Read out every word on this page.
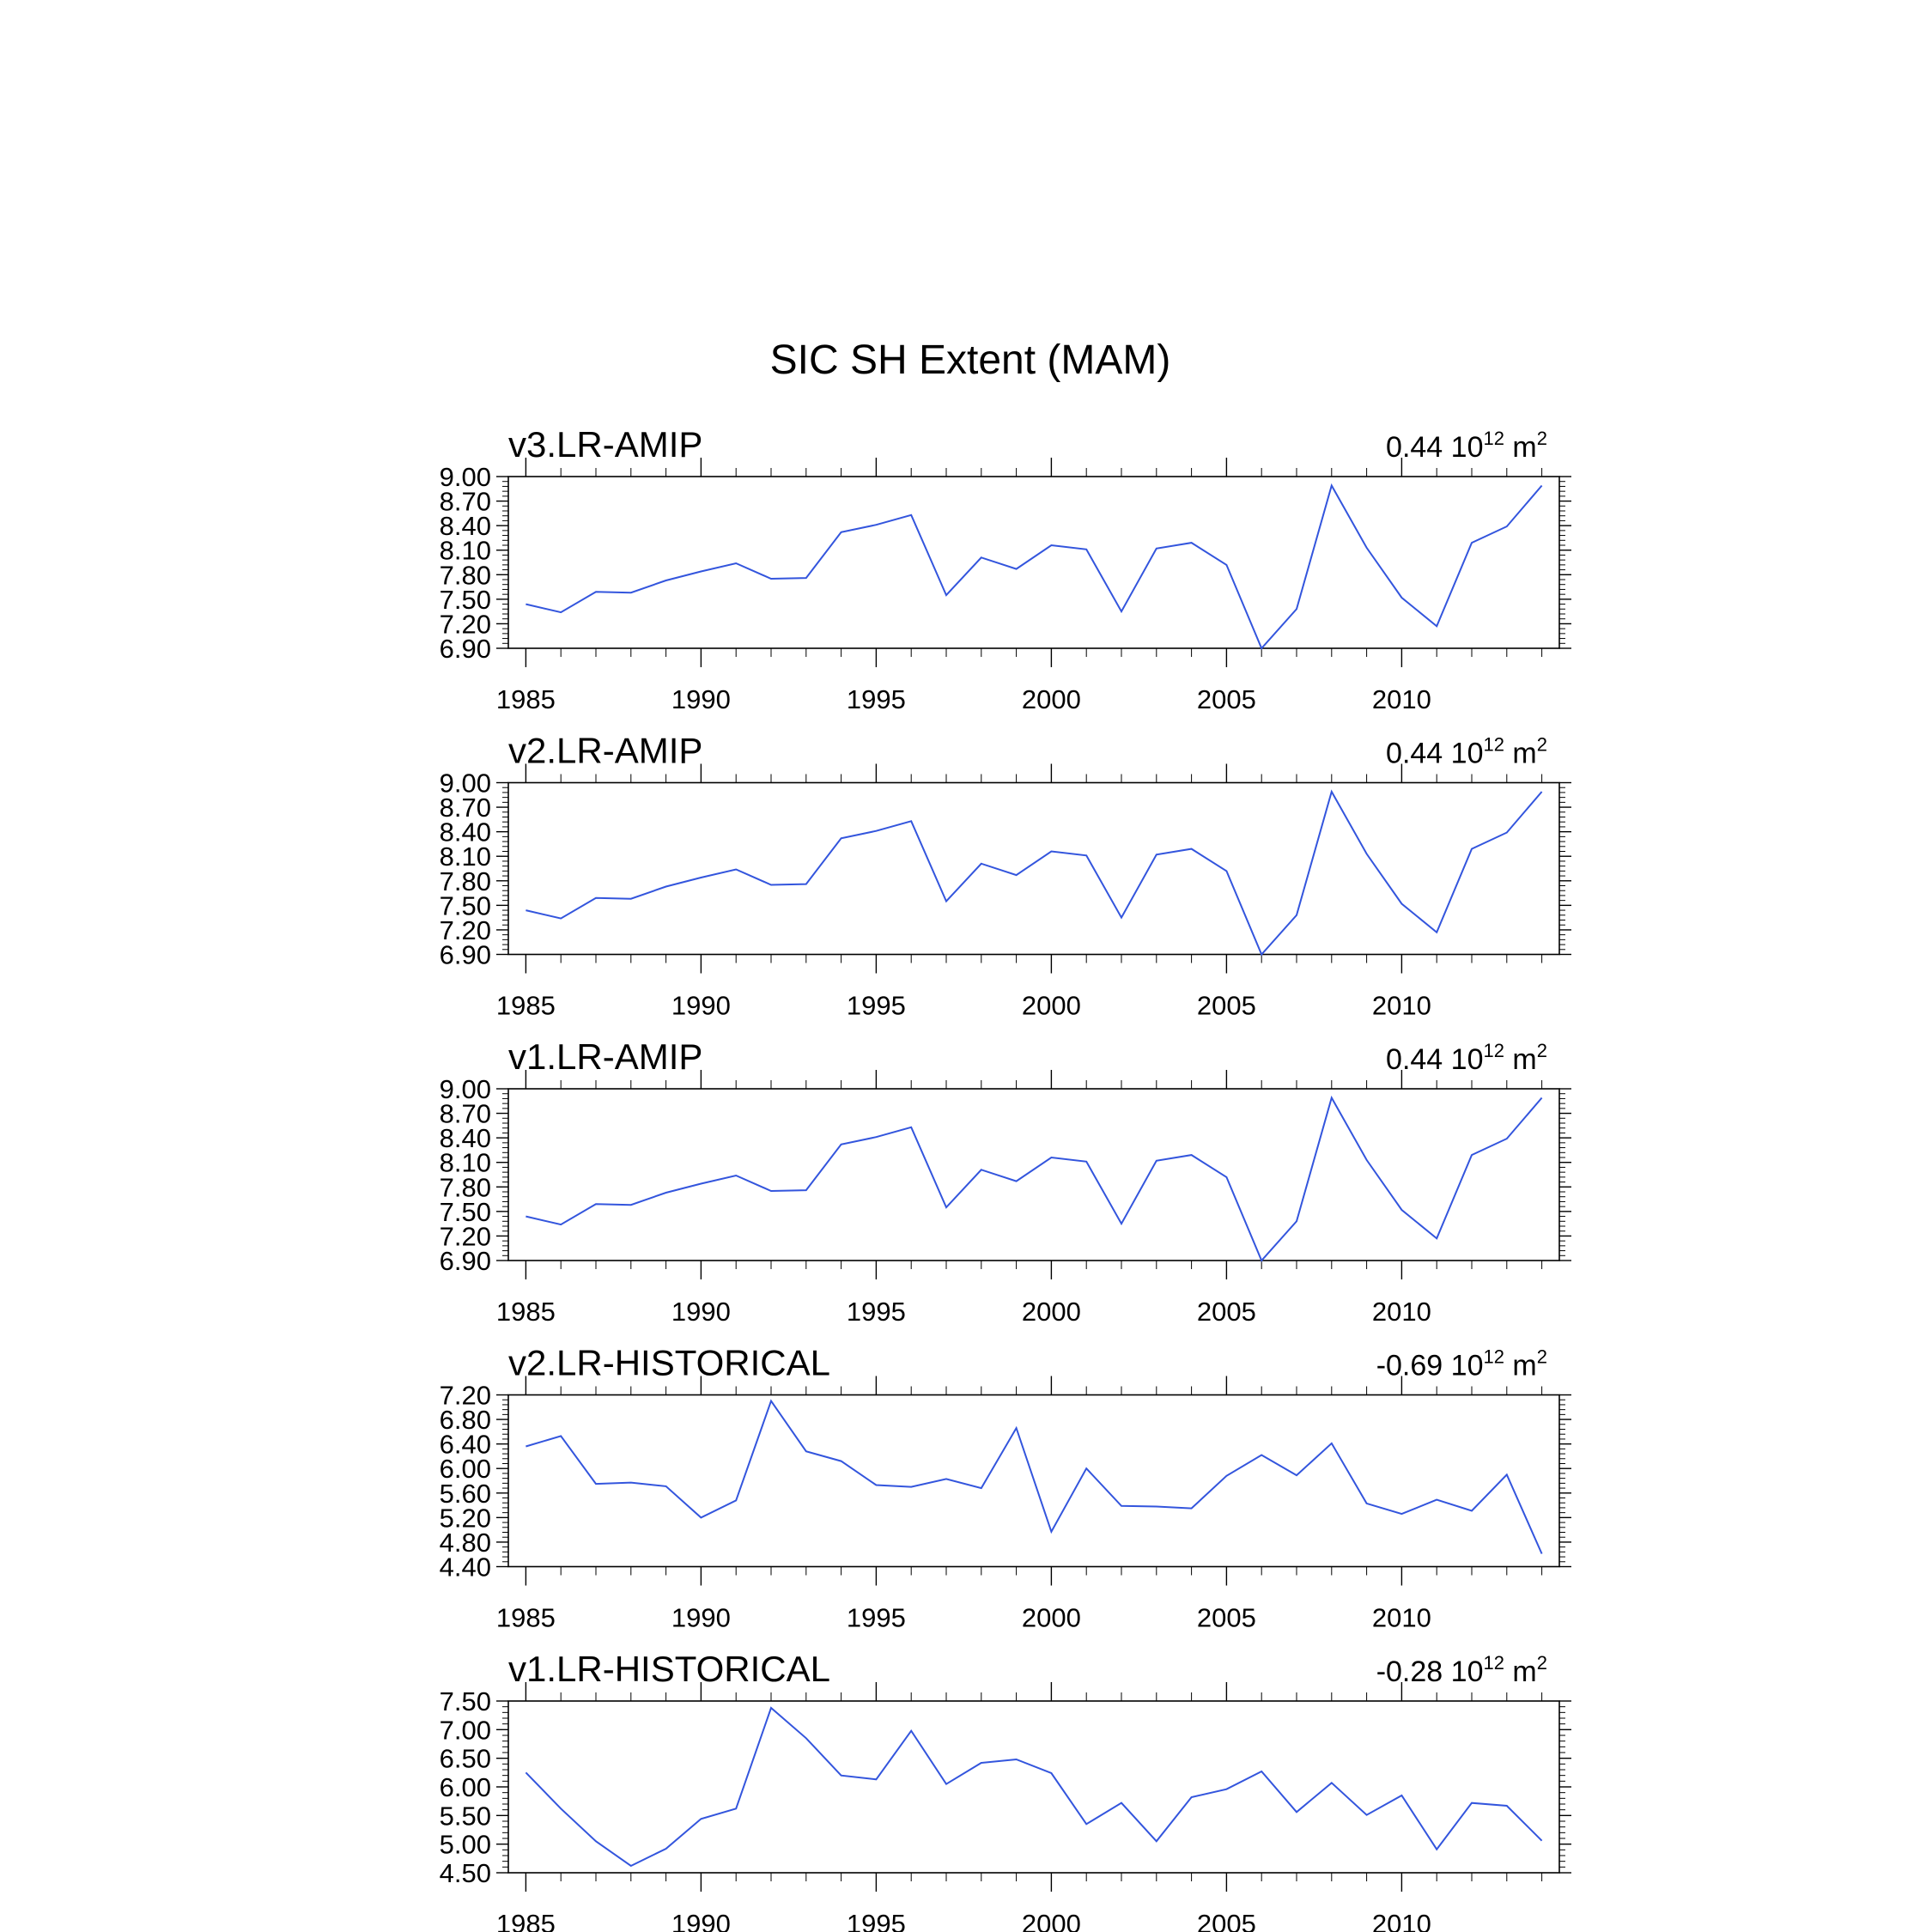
SIC SH Extent (MAM)
v3.LR-AMIP	0.44 $10^{12}$ $m^2$
6.90
7.20
7.50
7.80
8.10
8.40
8.70
9.00
1985	1990	1995	2000	2005	2010
v2.LR-AMIP	0.44 $10^{12}$ $m^2$
6.90
7.20
7.50
7.80
8.10
8.40
8.70
9.00
1985	1990	1995	2000	2005	2010
v1.LR-AMIP	0.44 $10^{12}$ $m^2$
6.90
7.20
7.50
7.80
8.10
8.40
8.70
9.00
1985	1990	1995	2000	2005	2010
v2.LR-HISTORICAL	-0.69 $10^{12}$ $m^2$
4.40
4.80
5.20
5.60
6.00
6.40
6.80
7.20
1985	1990	1995	2000	2005	2010
v1.LR-HISTORICAL	-0.28 $10^{12}$ $m^2$
4.50
5.00
5.50
6.00
6.50
7.00
7.50
1985	1990	1995	2000	2005	2010
